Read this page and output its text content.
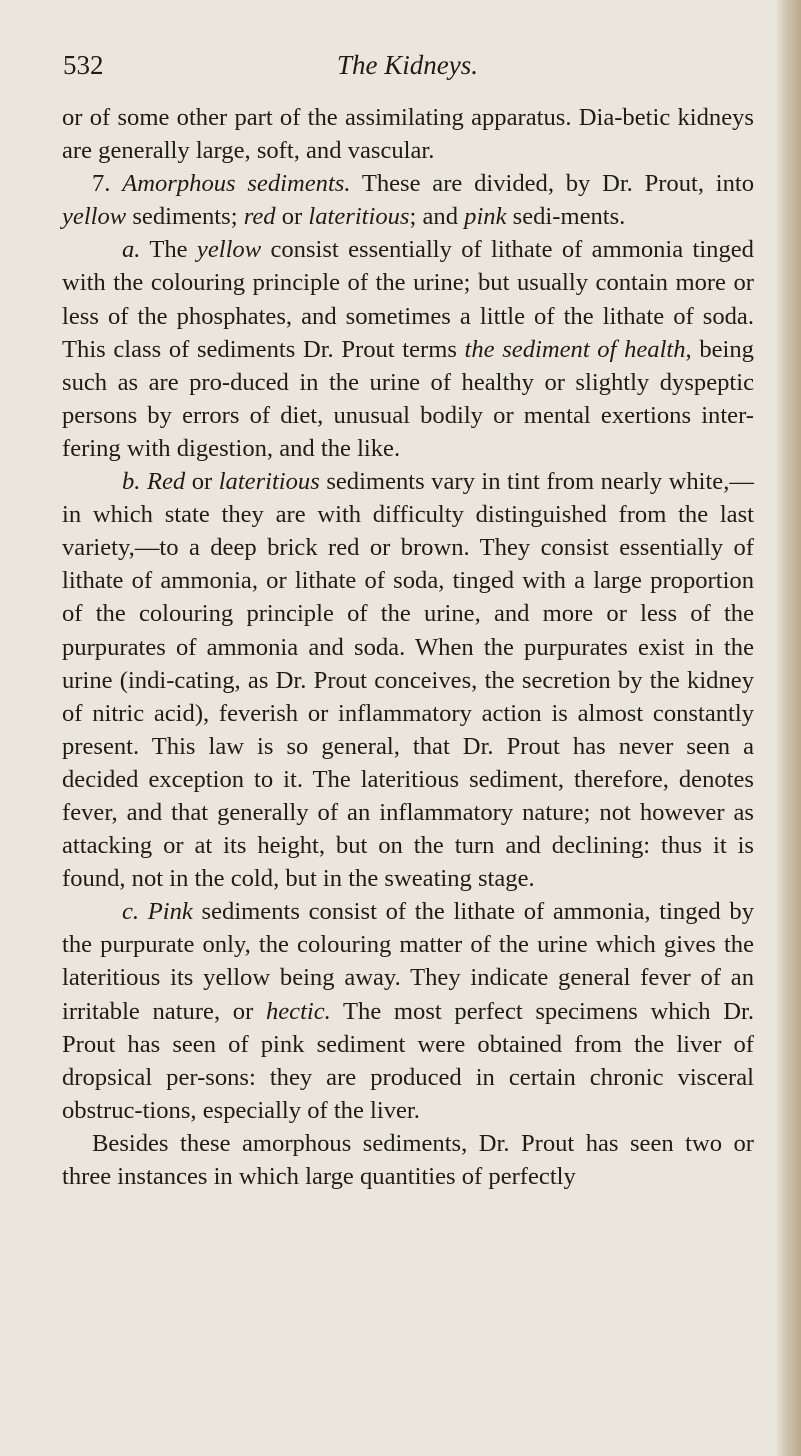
532	The Kidneys.

or of some other part of the assimilating apparatus. Dia-betic kidneys are generally large, soft, and vascular.

7. Amorphous sediments. These are divided, by Dr. Prout, into yellow sediments; red or lateritious; and pink sedi-ments.

a. The yellow consist essentially of lithate of ammonia tinged with the colouring principle of the urine; but usually contain more or less of the phosphates, and sometimes a little of the lithate of soda. This class of sediments Dr. Prout terms the sediment of health, being such as are pro-duced in the urine of healthy or slightly dyspeptic persons by errors of diet, unusual bodily or mental exertions inter-fering with digestion, and the like.

b. Red or lateritious sediments vary in tint from nearly white,—in which state they are with difficulty distinguished from the last variety,—to a deep brick red or brown. They consist essentially of lithate of ammonia, or lithate of soda, tinged with a large proportion of the colouring principle of the urine, and more or less of the purpurates of ammonia and soda. When the purpurates exist in the urine (indi-cating, as Dr. Prout conceives, the secretion by the kidney of nitric acid), feverish or inflammatory action is almost constantly present. This law is so general, that Dr. Prout has never seen a decided exception to it. The lateritious sediment, therefore, denotes fever, and that generally of an inflammatory nature; not however as attacking or at its height, but on the turn and declining: thus it is found, not in the cold, but in the sweating stage.

c. Pink sediments consist of the lithate of ammonia, tinged by the purpurate only, the colouring matter of the urine which gives the lateritious its yellow being away. They indicate general fever of an irritable nature, or hectic. The most perfect specimens which Dr. Prout has seen of pink sediment were obtained from the liver of dropsical per-sons: they are produced in certain chronic visceral obstruc-tions, especially of the liver.

Besides these amorphous sediments, Dr. Prout has seen two or three instances in which large quantities of perfectly
